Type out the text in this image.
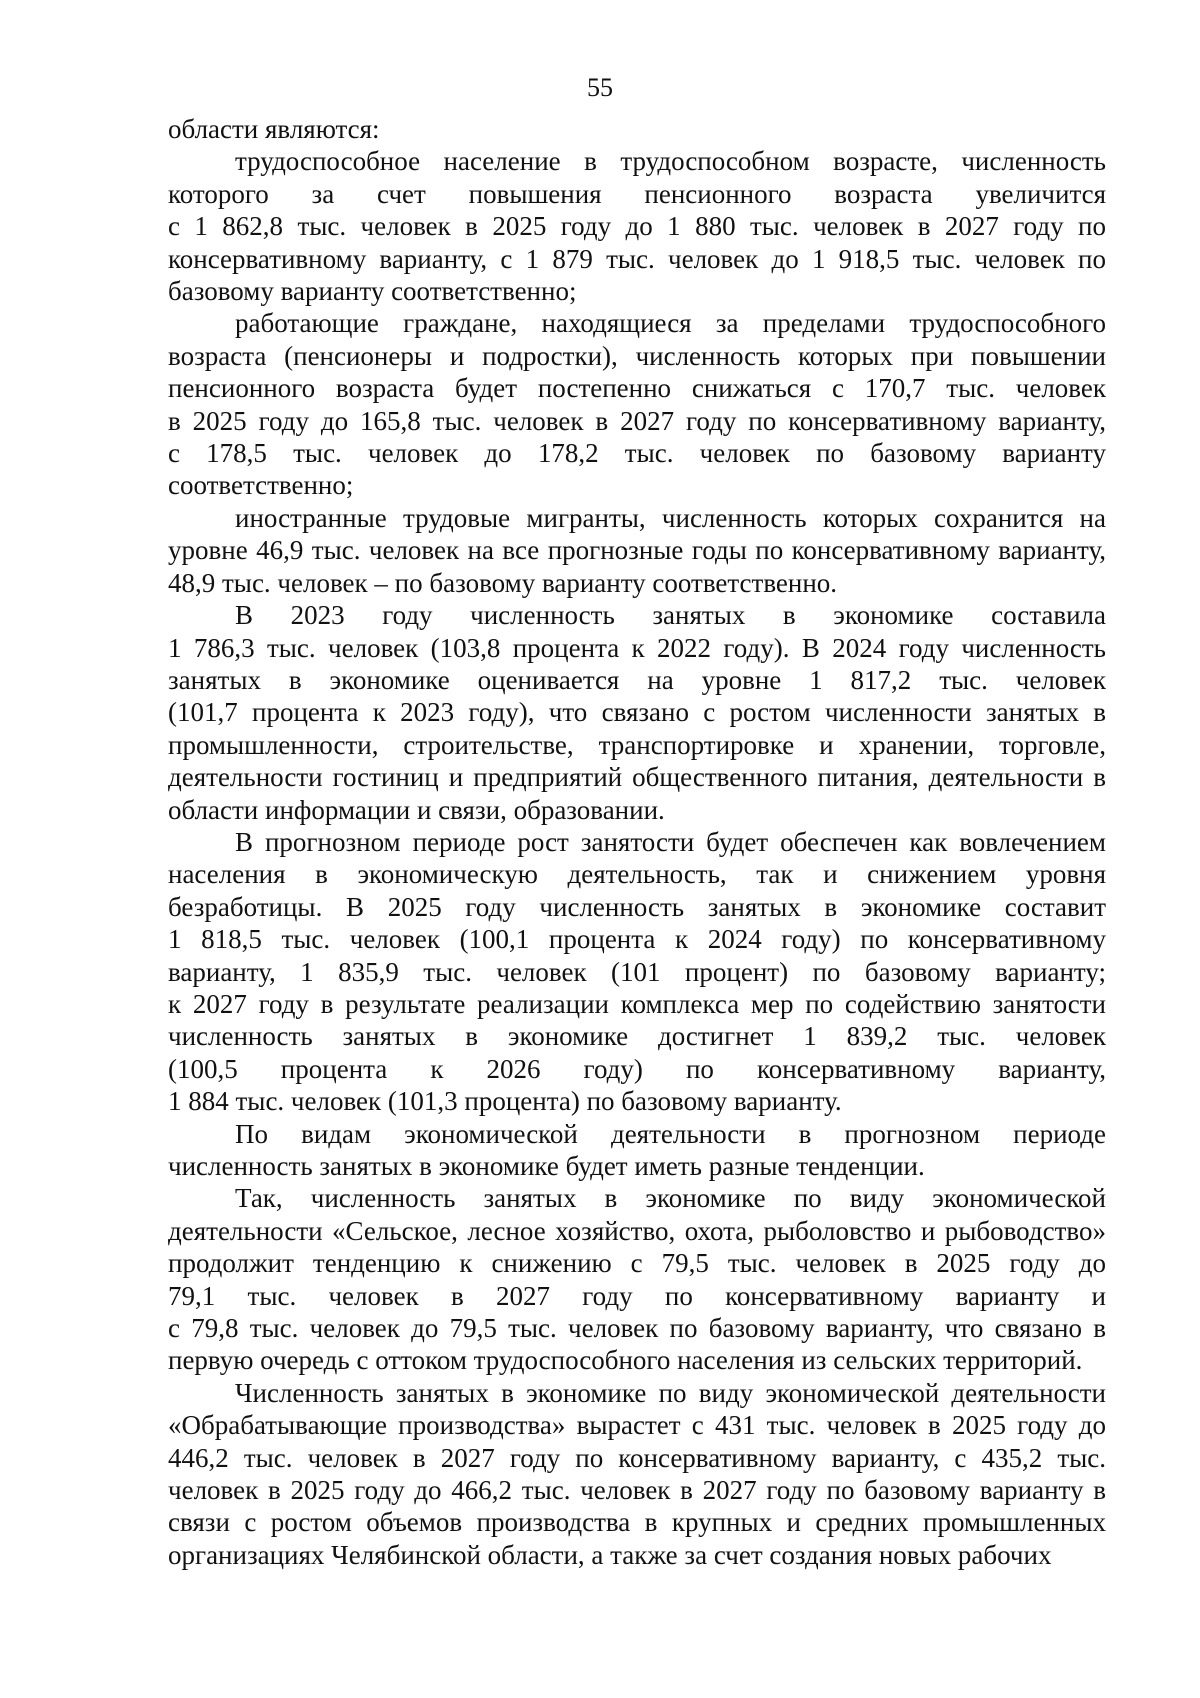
55

области являются:

трудоспособное население в трудоспособном возрасте, численность
которого за счет повышения пенсионного возраста увеличится
с 1 862,8 тыс. человек в 2025 году до 1 880 тыс. человек в 2027 году по
консервативному варианту, с 1 879 тыс. человек до 1 918,5 тыс. человек по
базовому варианту соответственно;

работающие граждане, находящиеся за пределами трудоспособного
возраста (пенсионеры и подростки), численность которых при повышении
пенсионного возраста будет постепенно снижаться с 170,7 тыс. человек
в 2025 году до 165,8 тыс. человек в 2027 году по консервативному варианту,
с 178,5 тыс. человек до 178,2 тыс. человек по базовому варианту
соответственно;

иностранные трудовые мигранты, численность которых сохранится на
уровне 46,9 тыс. человек на все прогнозные годы по консервативному варианту,
48,9 тыс. человек – по базовому варианту соответственно.

В 2023 году численность занятых в экономике составила
1 786,3 тыс. человек (103,8 процента к 2022 году). В 2024 году численность
занятых в экономике оценивается на уровне 1 817,2 тыс. человек
(101,7 процента к 2023 году), что связано с ростом численности занятых в
промышленности, строительстве, транспортировке и хранении, торговле,
деятельности гостиниц и предприятий общественного питания, деятельности в
области информации и связи, образовании.

В прогнозном периоде рост занятости будет обеспечен как вовлечением
населения в экономическую деятельность, так и снижением уровня
безработицы. В 2025 году численность занятых в экономике составит
1 818,5 тыс. человек (100,1 процента к 2024 году) по консервативному
варианту, 1 835,9 тыс. человек (101 процент) по базовому варианту;
к 2027 году в результате реализации комплекса мер по содействию занятости
численность занятых в экономике достигнет 1 839,2 тыс. человек
(100,5 процента к 2026 году) по консервативному варианту,
1 884 тыс. человек (101,3 процента) по базовому варианту.

По видам экономической деятельности в прогнозном периоде
численность занятых в экономике будет иметь разные тенденции.

Так, численность занятых в экономике по виду экономической
деятельности «Сельское, лесное хозяйство, охота, рыболовство и рыбоводство»
продолжит тенденцию к снижению с 79,5 тыс. человек в 2025 году до
79,1 тыс. человек в 2027 году по консервативному варианту и
с 79,8 тыс. человек до 79,5 тыс. человек по базовому варианту, что связано в
первую очередь с оттоком трудоспособного населения из сельских территорий.

Численность занятых в экономике по виду экономической деятельности
«Обрабатывающие производства» вырастет с 431 тыс. человек в 2025 году до
446,2 тыс. человек в 2027 году по консервативному варианту, с 435,2 тыс.
человек в 2025 году до 466,2 тыс. человек в 2027 году по базовому варианту в
связи с ростом объемов производства в крупных и средних промышленных
организациях Челябинской области, а также за счет создания новых рабочих
